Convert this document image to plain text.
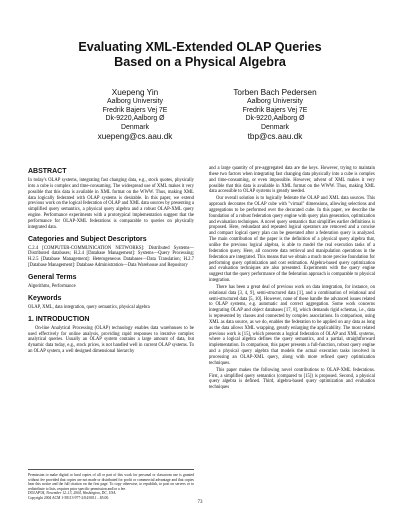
Evaluating XML-Extended OLAP Queries
Based on a Physical Algebra
Xuepeng Yin
Aalborg University
Fredrik Bajers Vej 7E
Dk-9220,Aalborg Ø
Denmark
xuepeng@cs.aau.dk
Torben Bach Pedersen
Aalborg University
Fredrik Bajers Vej 7E
Dk-9220,Aalborg Ø
Denmark
tbp@cs.aau.dk
ABSTRACT

In today's OLAP systems, integrating fast changing data, e.g., stock quotes, physically into a cube is complex and time-consuming. The widespread use of XML makes it very possible that this data is available in XML format on the WWW. Thus, making XML data logically federated with OLAP systems is desirable. In this paper, we extend previous work on the logical federation of OLAP and XML data sources by presenting a simplified query semantics, a physical query algebra and a robust OLAP-XML query engine. Performance experiments with a prototypical implementation suggest that the performance for OLAP-XML federations is comparable to queries on physically integrated data.

Categories and Subject Descriptors

C.2.4 [COMPUTER-COMMUNICATION NETWORKS]: Distributed Systems—Distributed databases; H.2.4 [Database Management]: Systems—Query Processing; H.2.5 [Database Management]: Heterogeneous Databases—Data Translation; H.2.7 [Database Management]: Database Administration—Data Warehouse and Repository

General Terms

Algorithms, Performance

Keywords

OLAP, XML, data integration, query semantics, physical algebra

1. INTRODUCTION

On-line Analytical Processing (OLAP) technology enables data warehouses to be used effectively for online analysis, providing rapid responses to iterative complex analytical queries. Usually an OLAP system contains a large amount of data, but dynamic data today, e.g., stock prices, is not handled well in current OLAP systems. To an OLAP system, a well designed dimensional hierarchy

and a large quantity of pre-aggregated data are the keys. However, trying to maintain these two factors when integrating fast changing data physically into a cube is complex and time-consuming, or even impossible. However, advent of XML makes it very possible that this data is available in XML format on the WWW. Thus, making XML data accessible to OLAP systems is greatly needed.

Our overall solution is to logically federate the OLAP and XML data sources. This approach decorates the OLAP cube with "virtual" dimensions, allowing selections and aggregations to be performed over the decorated cube. In this paper, we describe the foundation of a robust federation query engine with query plan generation, optimization and evaluation techniques. A novel query semantics that simplifies earlier definitions is proposed. Here, redundant and repeated logical operators are removed and a concise and compact logical query plan can be generated after a federation query is analyzed. The main contribution of the paper is the definition of a physical query algebra that, unlike the previous logical algebra, is able to model the real execution tasks of a federation query. Here, all concrete data retrieval and manipulation operations in the federation are integrated. This means that we obtain a much more precise foundation for performing query optimization and cost estimation. Algebra-based query optimization and evaluation techniques are also presented. Experiments with the query engine suggest that the query performance of the federation approach is comparable to physical integration.

There has been a great deal of previous work on data integration, for instance, on relational data [3, 4, 9], semi-structured data [1], and a combination of relational and semi-structured data [5, 10]. However, none of these handle the advanced issues related to OLAP systems, e.g. automatic and correct aggregation. Some work concerns integrating OLAP and object databases [17, 8], which demands rigid schemas, i.e., data is represented by classes and connected by complex associations. In comparison, using XML as data source, as we do, enables the federation to be applied on any data as long as the data allows XML wrapping, greatly enlarging the applicability. The most related previous work is [15], which presents a logical federation of OLAP and XML systems, where a logical algebra defines the query semantics, and a partial, straightforward implementation. In comparison, this paper presents a full-function, robust query engine and a physical query algebra that models the actual execution tasks involved in processing an OLAP-XML query, along with more refined query optimization techniques.

This paper makes the following novel contributions to OLAP-XML federations. First, a simplified query semantics (compared to [15]) is proposed. Second, a physical query algebra is defined. Third, algebra-based query optimization and evaluation techniques

Permission to make digital or hard copies of all or part of this work for personal or classroom use is granted without fee provided that copies are not made or distributed for profit or commercial advantage and that copies bear this notice and the full citation on the first page. To copy otherwise, to republish, to post on servers or to redistribute to lists, requires prior specific permission and/or a fee.
DOLAP'04, November 12–13, 2004, Washington, DC, USA.
Copyright 2004 ACM 1-58113-977-2/04/0011 ...$5.00.
73
